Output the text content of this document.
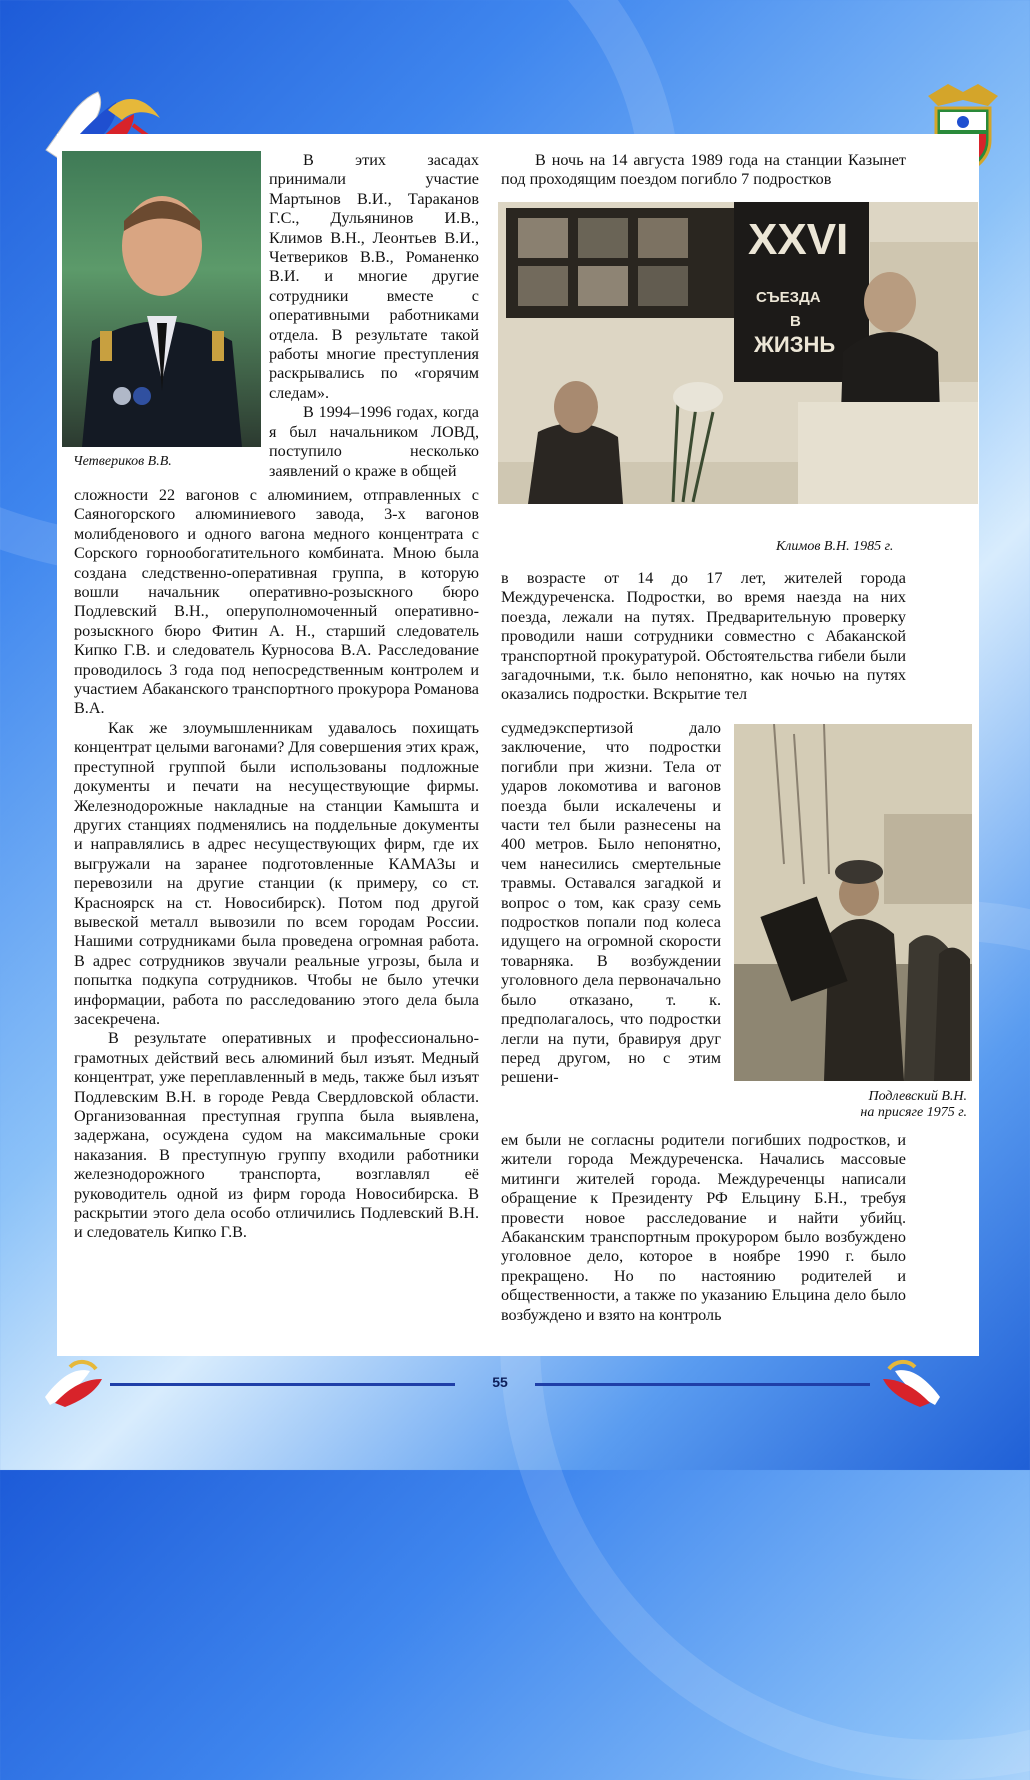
Четвериков В.В.

В этих засадах принимали участие Мартынов В.И., Тараканов Г.С., Дульянинов И.В., Климов В.Н., Леонтьев В.И., Четвериков В.В., Романенко В.И. и многие другие сотрудники вместе с оперативными работниками отдела. В результате такой работы многие преступления раскрывались по «горячим следам».

В 1994–1996 годах, когда я был начальником ЛОВД, поступило несколько заявлений о краже в общей

сложности 22 вагонов с алюминием, отправленных с Саяногорского алюминиевого завода, 3-х вагонов молибденового и одного вагона медного концентрата с Сорского горнообогатительного комбината. Мною была создана следственно-оперативная группа, в которую вошли начальник оперативно-розыскного бюро Подлевский В.Н., оперуполномоченный оперативно-розыскного бюро Фитин А. Н., старший следователь Кипко Г.В. и следователь Курносова В.А. Расследование проводилось 3 года под непосредственным контролем и участием Абаканского транспортного прокурора Романова В.А.

Как же злоумышленникам удавалось похищать концентрат целыми вагонами? Для совершения этих краж, преступной группой были использованы подложные документы и печати на несуществующие фирмы. Железнодорожные накладные на станции Камышта и других станциях подменялись на поддельные документы и направлялись в адрес несуществующих фирм, где их выгружали на заранее подготовленные КАМАЗы и перевозили на другие станции (к примеру, со ст. Красноярск на ст. Новосибирск). Потом под другой вывеской металл вывозили по всем городам России. Нашими сотрудниками была проведена огромная работа. В адрес сотрудников звучали реальные угрозы, была и попытка подкупа сотрудников. Чтобы не было утечки информации, работа по расследованию этого дела была засекречена.

В результате оперативных и профессионально-грамотных действий весь алюминий был изъят. Медный концентрат, уже переплавленный в медь, также был изъят Подлевским В.Н. в городе Ревда Свердловской области. Организованная преступная группа была выявлена, задержана, осуждена судом на максимальные сроки наказания. В преступную группу входили работники железнодорожного транспорта, возглавлял её руководитель одной из фирм города Новосибирска. В раскрытии этого дела особо отличились Подлевский В.Н. и следователь Кипко Г.В.

В ночь на 14 августа 1989 года на станции Казынет под проходящим поездом погибло 7 подростков

XXVI
СЪЕЗДА
В
ЖИЗНЬ
Климов В.Н. 1985 г.

в возрасте от 14 до 17 лет, жителей города Междуреченска. Подростки, во время наезда на них поезда, лежали на путях. Предварительную проверку проводили наши сотрудники совместно с Абаканской транспортной прокуратурой. Обстоятельства гибели были загадочными, т.к. было непонятно, как ночью на путях оказались подростки. Вскрытие тел

судмедэкспертизой дало заключение, что подростки погибли при жизни. Тела от ударов локомотива и вагонов поезда были искалечены и части тел были разнесены на 400 метров. Было непонятно, чем нанесились смертельные травмы. Оставался загадкой и вопрос о том, как сразу семь подростков попали под колеса идущего на огромной скорости товарняка. В возбуждении уголовного дела первоначально было отказано, т. к. предполагалось, что подростки легли на пути, бравируя друг перед другом, но с этим решени-

Подлевский В.Н.
на присяге 1975 г.

ем были не согласны родители погибших подростков, и жители города Междуреченска. Начались массовые митинги жителей города. Междуреченцы написали обращение к Президенту РФ Ельцину Б.Н., требуя провести новое расследование и найти убийц. Абаканским транспортным прокурором было возбуждено уголовное дело, которое в ноябре 1990 г. было прекращено. Но по настоянию родителей и общественности, а также по указанию Ельцина дело было возбуждено и взято на контроль

55
